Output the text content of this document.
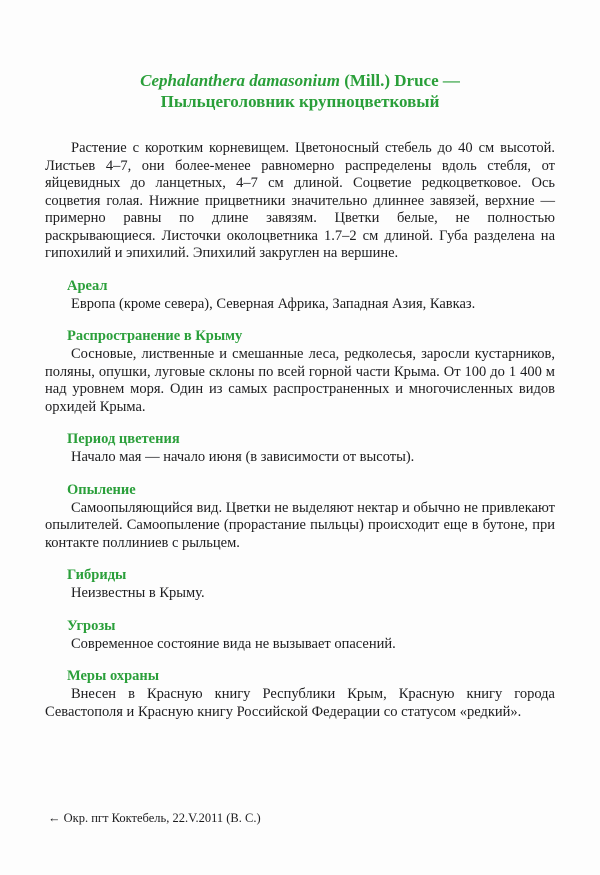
Cephalanthera damasonium (Mill.) Druce —
Пыльцеголовник крупноцветковый

Растение с коротким корневищем. Цветоносный стебель до 40 см высотой. Листьев 4–7, они более-менее равномерно распределены вдоль стебля, от яйцевидных до ланцетных, 4–7 см длиной. Соцветие редкоцветковое. Ось соцветия голая. Нижние прицветники значительно длиннее завязей, верхние — примерно равны по длине завязям. Цветки белые, не полностью раскрывающиеся. Листочки околоцветника 1.7–2 см длиной. Губа разделена на гипохилий и эпихилий. Эпихилий закруглен на вершине.

Ареал

Европа (кроме севера), Северная Африка, Западная Азия, Кавказ.

Распространение в Крыму

Сосновые, лиственные и смешанные леса, редколесья, заросли кустарников, поляны, опушки, луговые склоны по всей горной части Крыма. От 100 до 1 400 м над уровнем моря. Один из самых распространенных и многочисленных видов орхидей Крыма.

Период цветения

Начало мая — начало июня (в зависимости от высоты).

Опыление

Самоопыляющийся вид. Цветки не выделяют нектар и обычно не привлекают опылителей. Самоопыление (прорастание пыльцы) происходит еще в бутоне, при контакте поллиниев с рыльцем.

Гибриды

Неизвестны в Крыму.

Угрозы

Современное состояние вида не вызывает опасений.

Меры охраны

Внесен в Красную книгу Республики Крым, Красную книгу города Севастополя и Красную книгу Российской Федерации со статусом «редкий».

← Окр. пгт Коктебель, 22.V.2011 (В. С.)
